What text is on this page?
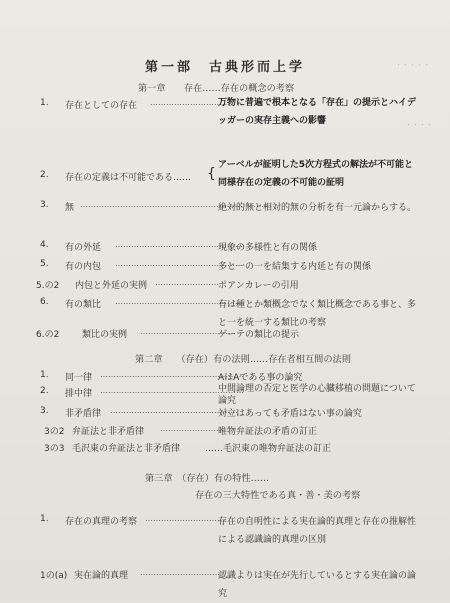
・・・・・
・・・・
第一部　古典形而上学
第一章　　存在……存在の概念の考察
1. 存在としての存在 …………………………
万物に普遍で根本となる「存在」の提示とハイデッガーの実存主義への影響
2. 存在の定義は不可能である…… {
アーベルが証明した5次方程式の解法が不可能と同様存在の定義の不可能の証明
3. 無 ………………………………………………………………
絶対的無と相対的無の分析を有一元論からする。
4. 有の外延 …………………………………………
現象の多様性と有の関係
5. 有の内包 …………………………………………
多と一の一を結集する内延と有の関係
5.の2 内包と外延の実例 …………………… ポアンカレーの引用
6. 有の類比 …………………………………………
有は種とか類概念でなく類比概念である事と、多と一を統一する類比の考察
6.の2	類比の実例 ………………………………
ゲーテの類比の提示
第二章　　（存在）有の法則……存在者相互間の法則
1. 同一律 ………………………………………………
AはAである事の論究
2. 排中律 ………………………………………………
中間論理の否定と医学の心臓移植の問題について論究
3. 非矛盾律 …………………………………………
対立はあっても矛盾はない事の論究
3の2 弁証法と非矛盾律 ……………………
唯物弁証法の矛盾の訂正
3の3 毛沢東の弁証法と非矛盾律	……毛沢東の唯物弁証法の訂正
第三章　（存在）有の特性……
存在の三大特性である真・善・美の考察
1. 存在の真理の考察 …………………………
存在の自明性による実在論的真理と存在の推解性による認識論的真理の区別
1の(a) 実在論的真理 …………………………
認識よりは実在が先行しているとする実在論の論究
